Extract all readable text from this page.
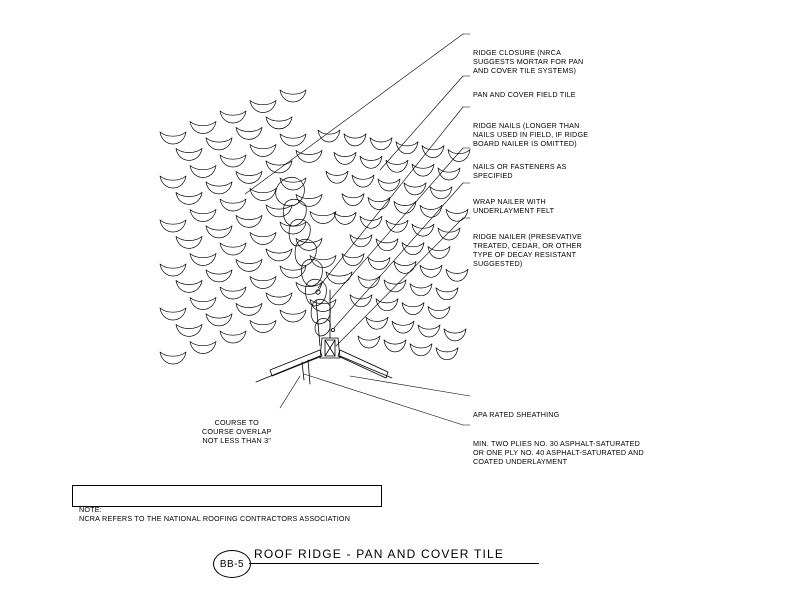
RIDGE CLOSURE (NRCA
SUGGESTS MORTAR FOR PAN
AND COVER TILE SYSTEMS)

PAN AND COVER FIELD TILE

RIDGE NAILS (LONGER THAN
NAILS USED IN FIELD, IF RIDGE
BOARD NAILER IS OMITTED)

NAILS OR FASTENERS AS
SPECIFIED

WRAP NAILER WITH
UNDERLAYMENT FELT

RIDGE NAILER (PRESEVATIVE
TREATED, CEDAR, OR OTHER
TYPE OF DECAY RESISTANT
SUGGESTED)

APA RATED SHEATHING

MIN. TWO PLIES NO. 30 ASPHALT-SATURATED
OR ONE PLY NO. 40 ASPHALT-SATURATED AND
COATED UNDERLAYMENT

COURSE TO
COURSE OVERLAP
NOT LESS THAN 3"

NOTE:
NCRA REFERS TO THE NATIONAL ROOFING CONTRACTORS ASSOCIATION

BB-5
ROOF RIDGE - PAN AND COVER TILE
